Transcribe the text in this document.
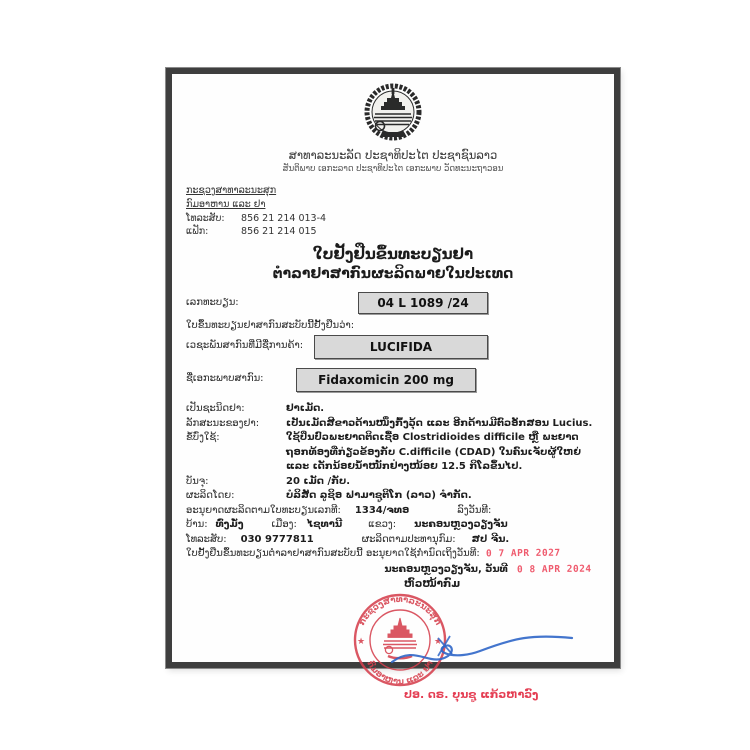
ສາທາລະນະລັດ ປະຊາທິປະໄຕ ປະຊາຊົນລາວ
ສັນຕິພາບ ເອກະລາດ ປະຊາທິປະໄຕ ເອກະພາບ ວັດທະນະຖາວອນ
ກະຊວງສາທາລະນະສຸກ
ກົມອາຫານ ແລະ ຢາ
ໂທລະສັບ: 856 21 214 013-4
ແຟັກ:	856 21 214 015
ໃບຢັ້ງຢືນຂຶ້ນທະບຽນຢາ
ຕຳລາຢາສາກົນຜະລິດພາຍໃນປະເທດ
ເລກທະບຽນ:	04 L 1089 /24
ໃບຂຶ້ນທະບຽນຢາສາກົນສະບັບນີ້ຢັ້ງຢືນວ່າ:
ເວຊະພັນສາກົນທີ່ມີຊື່ການຄ້າ:	LUCIFIDA
ຊື່ເອກະພາບສາກົນ:	Fidaxomicin 200 mg
ເປັນຊະນິດຢາ:	ຢາເມັດ.
ລັກສະນະຂອງຢາ:	ເປັນເມັດສີຂາວດ້ານໜຶ່ງກົ້ງວຸ້ດ ແລະ ອີກດ້ານມີຕົວອັກສອນ Lucius.
ຂໍ້ບົ່ງໃຊ້:	ໃຊ້ປິ່ນປົວພະຍາດຕິດເຊື້ອ Clostridioides difficile ຫຼື ພະຍາດຖອກທ້ອງທີ່ກ່ຽວຂ້ອງກັບ C.difficile (CDAD) ໃນຄົນເຈັບຜູ້ໃຫຍ່ ແລະ ເດັກນ້ອຍນ້ຳໜັກຢ່າງໜ້ອຍ 12.5 ກິໂລຂຶ້ນໄປ.
ບັນຈຸ:	20 ເມັດ /ກັບ.
ຜະລິດໂດຍ:	ບໍລິສັດ ລູຊິອ ຟາມາຊູຕິໂກ (ລາວ) ຈຳກັດ.
ອະນຸຍາດຜະລິດຕາມໃບທະບຽນເລກທີ: 1334/ຈທອ	ລົງວັນທີ:
ບ້ານ: ທົ່ງມັ່ງ	ເມືອງ: ໄຊທານີ	ແຂວງ: ນະຄອນຫຼວງວຽງຈັນ
ໂທລະສັບ: 030 9777811	ຜະລິດຕາມປະທານຸກົມ: ສປ ຈີນ.
ໃບຢັ້ງຢືນຂຶ້ນທະບຽນຕຳລາຢາສາກົນສະບັບນີ້ ອະນຸຍາດໃຊ້ກຳນົດເຖິງວັນທີ: 0 7 APR 2027
ນະຄອນຫຼວງວຽງຈັນ, ວັນທີ 0 8 APR 2024
ຫົວໜ້າກົມ
ກະຊວງສາທາລະນະສຸກ
ກົມອາຫານ ແລະ ຢາ
★	★
ປອ. ດຣ. ບຸນຊູ ແກ້ວຫາວົງ
